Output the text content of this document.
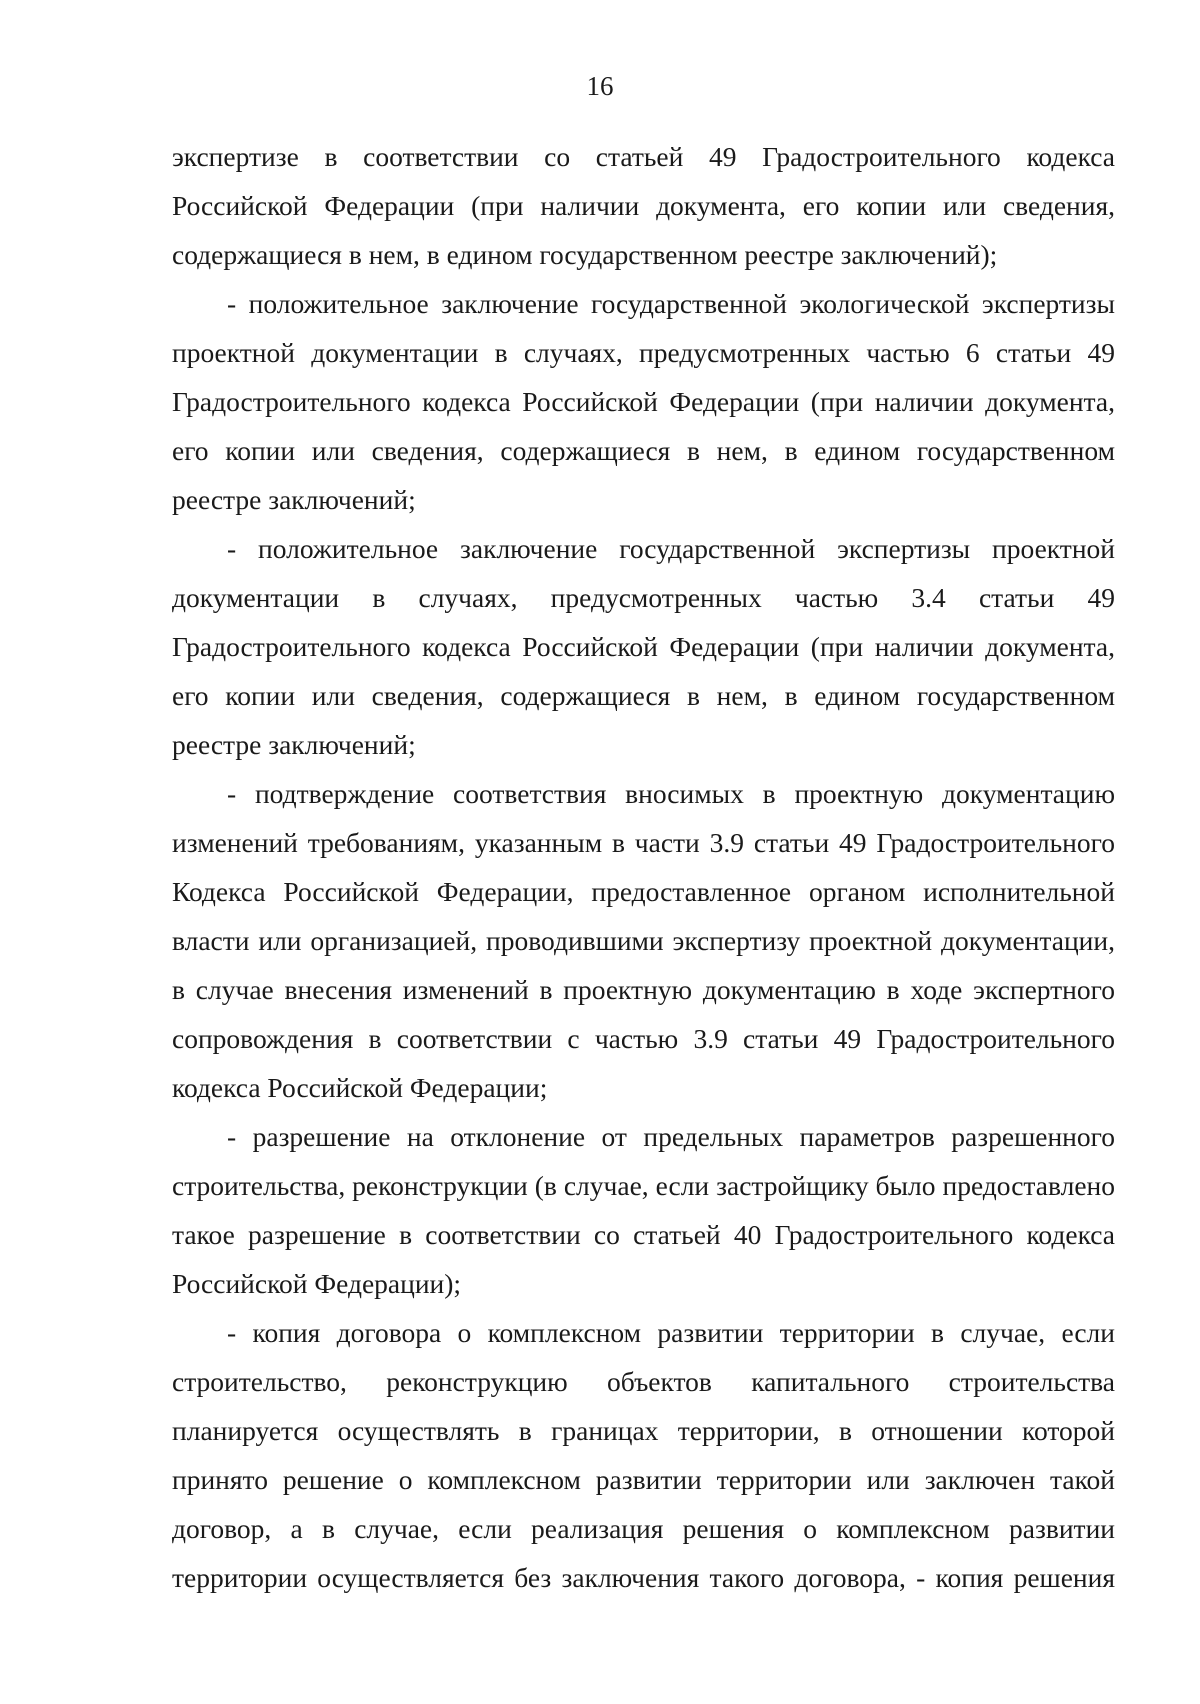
16

экспертизе в соответствии со статьей 49 Градостроительного кодекса Российской Федерации (при наличии документа, его копии или сведения, содержащиеся в нем, в едином государственном реестре заключений);

- положительное заключение государственной экологической экспертизы проектной документации в случаях, предусмотренных частью 6 статьи 49 Градостроительного кодекса Российской Федерации (при наличии документа, его копии или сведения, содержащиеся в нем, в едином государственном реестре заключений;

- положительное заключение государственной экспертизы проектной документации в случаях, предусмотренных частью 3.4 статьи 49 Градостроительного кодекса Российской Федерации (при наличии документа, его копии или сведения, содержащиеся в нем, в едином государственном реестре заключений;

- подтверждение соответствия вносимых в проектную документацию изменений требованиям, указанным в части 3.9 статьи 49 Градостроительного Кодекса Российской Федерации, предоставленное органом исполнительной власти или организацией, проводившими экспертизу проектной документации, в случае внесения изменений в проектную документацию в ходе экспертного сопровождения в соответствии с частью 3.9 статьи 49 Градостроительного кодекса Российской Федерации;

- разрешение на отклонение от предельных параметров разрешенного строительства, реконструкции (в случае, если застройщику было предоставлено такое разрешение в соответствии со статьей 40 Градостроительного кодекса Российской Федерации);

- копия договора о комплексном развитии территории в случае, если строительство, реконструкцию объектов капитального строительства планируется осуществлять в границах территории, в отношении которой принято решение о комплексном развитии территории или заключен такой договор, а в случае, если реализация решения о комплексном развитии территории осуществляется без заключения такого договора, - копия решения
